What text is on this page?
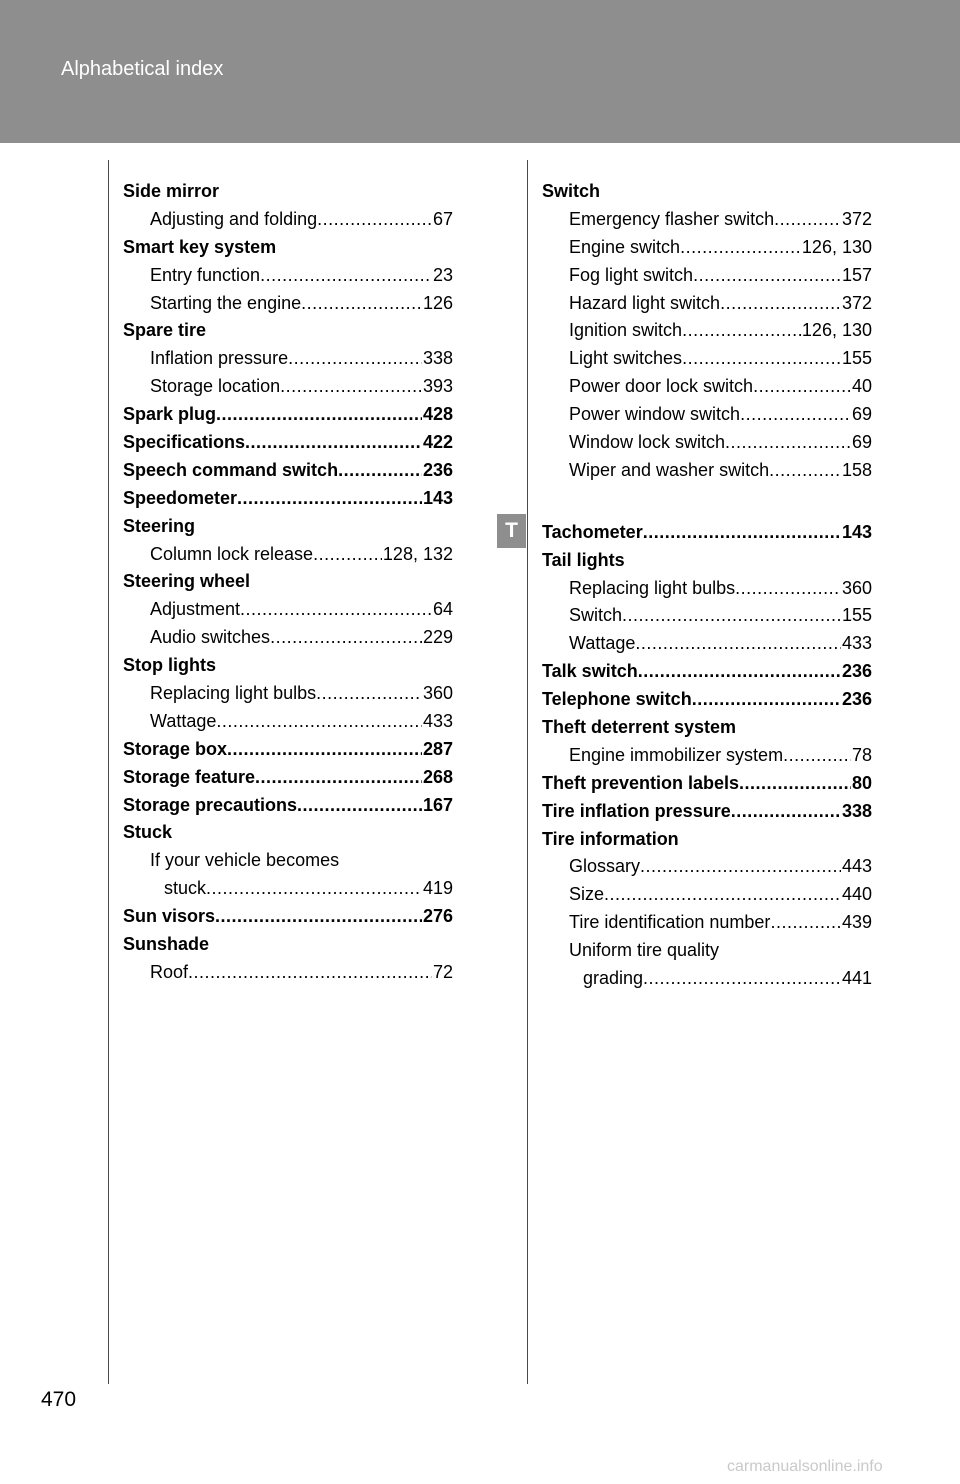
Alphabetical index
Side mirror
Adjusting and folding .....	67
Smart key system
Entry function .....	23
Starting the engine .....	126
Spare tire
Inflation pressure .....	338
Storage location .....	393
Spark plug .....	428
Specifications .....	422
Speech command switch .....	236
Speedometer .....	143
Steering
Column lock release .....	128, 132
Steering wheel
Adjustment .....	64
Audio switches .....	229
Stop lights
Replacing light bulbs .....	360
Wattage .....	433
Storage box .....	287
Storage feature .....	268
Storage precautions .....	167
Stuck
If your vehicle becomes
stuck .....	419
Sun visors .....	276
Sunshade
Roof .....	72
Switch
Emergency flasher switch .....	372
Engine switch .....	126, 130
Fog light switch .....	157
Hazard light switch .....	372
Ignition switch .....	126, 130
Light switches .....	155
Power door lock switch .....	40
Power window switch .....	69
Window lock switch .....	69
Wiper and washer switch .....	158
Tachometer .....	143
Tail lights
Replacing light bulbs .....	360
Switch .....	155
Wattage .....	433
Talk switch .....	236
Telephone switch .....	236
Theft deterrent system
Engine immobilizer system .....	78
Theft prevention labels .....	80
Tire inflation pressure .....	338
Tire information
Glossary .....	443
Size .....	440
Tire identification number .....	439
Uniform tire quality
grading .....	441
T
470
carmanualsonline.info
